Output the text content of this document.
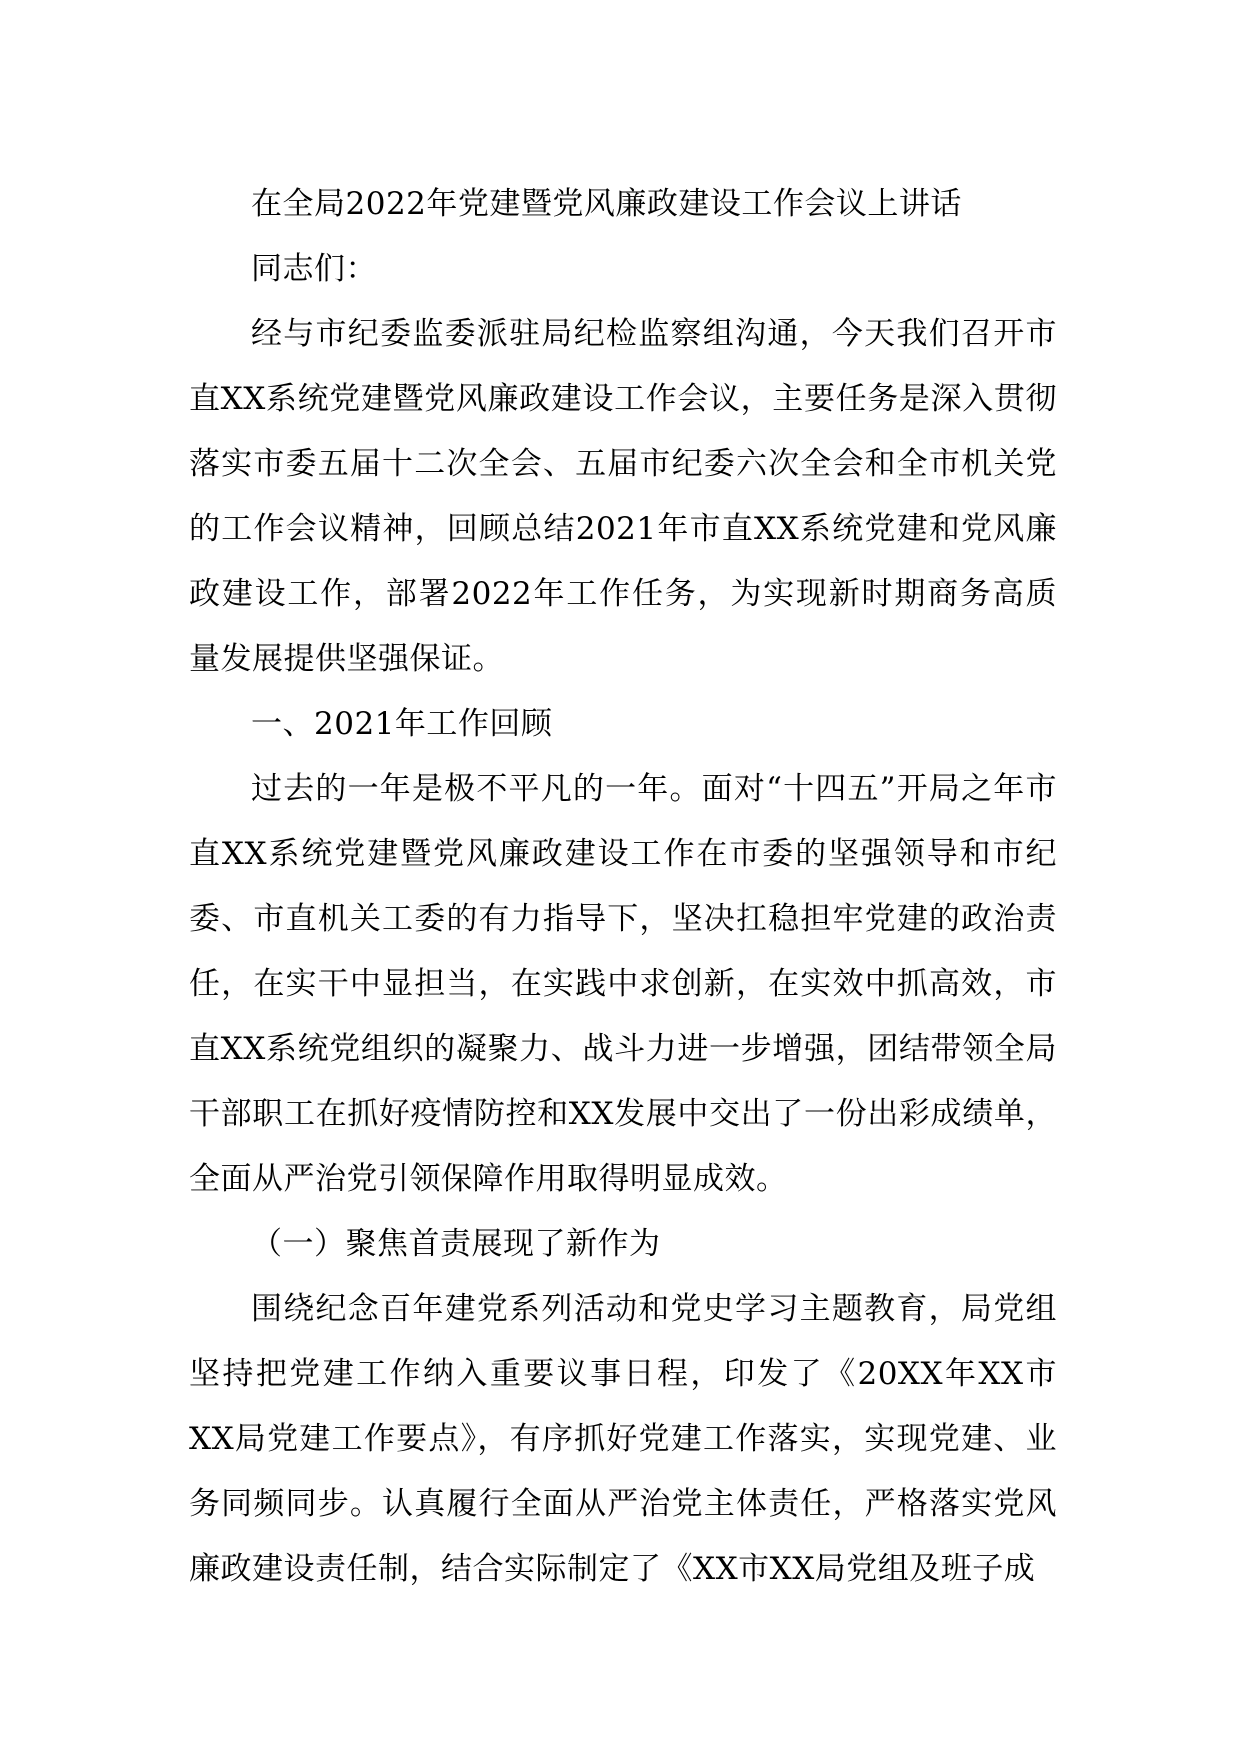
在全局2022年党建暨党风廉政建设工作会议上讲话

同志们：

经与市纪委监委派驻局纪检监察组沟通，今天我们召开市直XX系统党建暨党风廉政建设工作会议，主要任务是深入贯彻落实市委五届十二次全会、五届市纪委六次全会和全市机关党的工作会议精神，回顾总结2021年市直XX系统党建和党风廉政建设工作，部署2022年工作任务，为实现新时期商务高质量发展提供坚强保证。

一、2021年工作回顾

过去的一年是极不平凡的一年。面对“十四五”开局之年市直XX系统党建暨党风廉政建设工作在市委的坚强领导和市纪委、市直机关工委的有力指导下，坚决扛稳担牢党建的政治责任，在实干中显担当，在实践中求创新，在实效中抓高效，市直XX系统党组织的凝聚力、战斗力进一步增强，团结带领全局干部职工在抓好疫情防控和XX发展中交出了一份出彩成绩单，全面从严治党引领保障作用取得明显成效。

（一）聚焦首责展现了新作为

围绕纪念百年建党系列活动和党史学习主题教育，局党组坚持把党建工作纳入重要议事日程，印发了《20XX年XX市XX局党建工作要点》，有序抓好党建工作落实，实现党建、业务同频同步。认真履行全面从严治党主体责任，严格落实党风廉政建设责任制，结合实际制定了《XX市XX局党组及班子成
